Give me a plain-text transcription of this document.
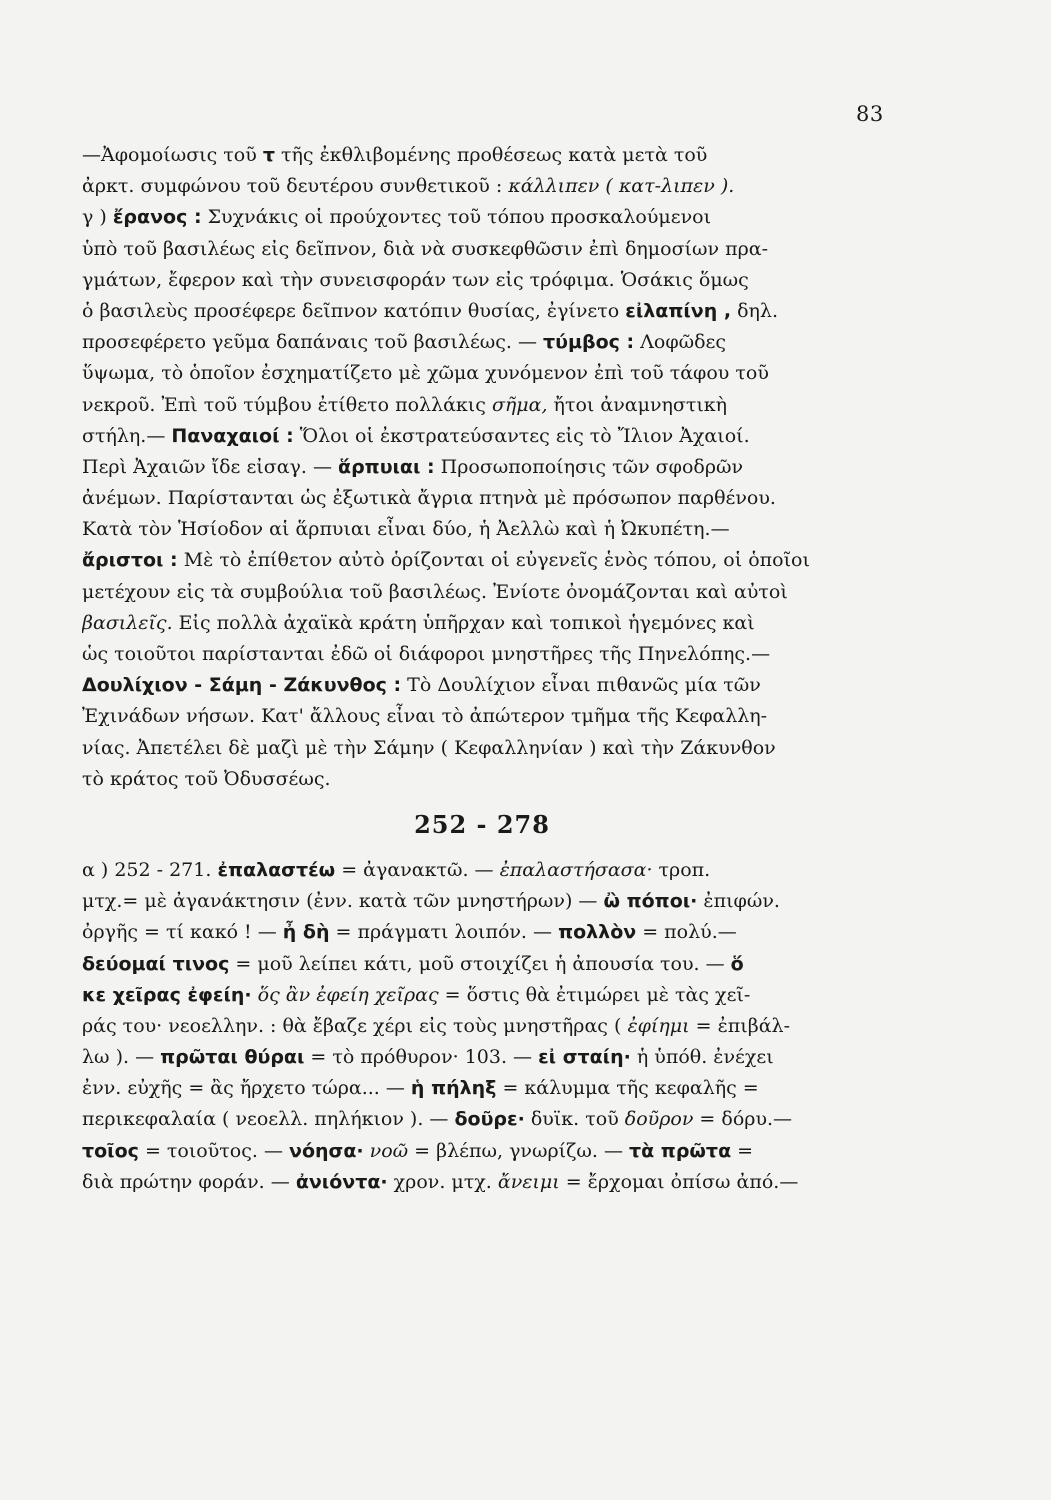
83
—Ἀφομοίωσις τοῦ τ τῆς ἐκθλιβομένης προθέσεως κατὰ μετὰ τοῦ
ἀρκτ. συμφώνου τοῦ δευτέρου συνθετικοῦ : κάλλιπεν ( κατ-λιπεν ).
γ ) ἔρανος : Συχνάκις οἱ προύχοντες τοῦ τόπου προσκαλούμενοι
ὑπὸ τοῦ βασιλέως εἰς δεῖπνον, διὰ νὰ συσκεφθῶσιν ἐπὶ δημοσίων πρα-
γμάτων, ἔφερον καὶ τὴν συνεισφοράν των εἰς τρόφιμα. Ὁσάκις ὅμως
ὁ βασιλεὺς προσέφερε δεῖπνον κατόπιν θυσίας, ἐγίνετο εἰλαπίνη , δηλ.
προσεφέρετο γεῦμα δαπάναις τοῦ βασιλέως. — τύμβος : Λοφῶδες
ὕψωμα, τὸ ὁποῖον ἐσχηματίζετο μὲ χῶμα χυνόμενον ἐπὶ τοῦ τάφου τοῦ
νεκροῦ. Ἐπὶ τοῦ τύμβου ἐτίθετο πολλάκις σῆμα, ἤτοι ἀναμνηστικὴ
στήλη.— Παναχαιοί : Ὅλοι οἱ ἐκστρατεύσαντες εἰς τὸ Ἴλιον Ἀχαιοί.
Περὶ Ἀχαιῶν ἴδε εἰσαγ. — ἅρπυιαι : Προσωποποίησις τῶν σφοδρῶν
ἀνέμων. Παρίστανται ὡς ἐξωτικὰ ἄγρια πτηνὰ μὲ πρόσωπον παρθένου.
Κατὰ τὸν Ἡσίοδον αἱ ἅρπυιαι εἶναι δύο, ἡ Ἀελλὼ καὶ ἡ Ὠκυπέτη.—
ἄριστοι : Μὲ τὸ ἐπίθετον αὐτὸ ὁρίζονται οἱ εὐγενεῖς ἑνὸς τόπου, οἱ ὁποῖοι
μετέχουν εἰς τὰ συμβούλια τοῦ βασιλέως. Ἐνίοτε ὀνομάζονται καὶ αὐτοὶ
βασιλεῖς. Εἰς πολλὰ ἀχαϊκὰ κράτη ὑπῆρχαν καὶ τοπικοὶ ἡγεμόνες καὶ
ὡς τοιοῦτοι παρίστανται ἐδῶ οἱ διάφοροι μνηστῆρες τῆς Πηνελόπης.—
Δουλίχιον - Σάμη - Ζάκυνθος : Τὸ Δουλίχιον εἶναι πιθανῶς μία τῶν
Ἐχινάδων νήσων. Κατ' ἄλλους εἶναι τὸ ἀπώτερον τμῆμα τῆς Κεφαλλη-
νίας. Ἀπετέλει δὲ μαζὶ μὲ τὴν Σάμην ( Κεφαλληνίαν ) καὶ τὴν Ζάκυνθον
τὸ κράτος τοῦ Ὀδυσσέως.
252 - 278
α ) 252 - 271. ἐπαλαστέω = ἀγανακτῶ. — ἐπαλαστήσασα· τροπ.
μτχ.= μὲ ἀγανάκτησιν (ἐνν. κατὰ τῶν μνηστήρων) — ὢ πόποι· ἐπιφών.
ὀργῆς = τί κακό ! — ἦ δὴ = πράγματι λοιπόν. — πολλὸν = πολύ.—
δεύομαί τινος = μοῦ λείπει κάτι, μοῦ στοιχίζει ἡ ἀπουσία του. — ὅ
κε χεῖρας ἐφείη· ὅς ἂν ἐφείη χεῖρας = ὅστις θὰ ἐτιμώρει μὲ τὰς χεῖ-
ράς του· νεοελλην. : θὰ ἔβαζε χέρι εἰς τοὺς μνηστῆρας ( ἐφίημι = ἐπιβάλ-
λω ). — πρῶται θύραι = τὸ πρόθυρον· 103. — εἰ σταίη· ἡ ὑπόθ. ἐνέχει
ἐνν. εὐχῆς = ἂς ἤρχετο τώρα... — ἡ πήληξ = κάλυμμα τῆς κεφαλῆς =
περικεφαλαία ( νεοελλ. πηλήκιον ). — δοῦρε· δυϊκ. τοῦ δοῦρον = δόρυ.—
τοῖος = τοιοῦτος. — νόησα· νοῶ = βλέπω, γνωρίζω. — τὰ πρῶτα =
διὰ πρώτην φοράν. — ἀνιόντα· χρον. μτχ. ἄνειμι = ἔρχομαι ὀπίσω ἀπό.—
